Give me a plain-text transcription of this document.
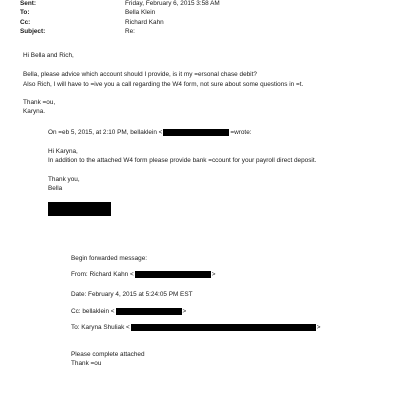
Sent:	Friday, February 6, 2015 3:58 AM
To:	Bella Klein
Cc:	Richard Kahn
Subject:	Re:
Hi Bella and Rich,
Bella, please advice which account should I provide, is it my =ersonal chase debit?
Also Rich, I will have to =ive you a call regarding the W4 form, not sure about some questions in =t.
Thank =ou,
Karyna.
On =eb 5, 2015, at 2:10 PM, bellaklein <	=wrote:
Hi Karyna,
In addition to the attached W4 form please provide bank =ccount for your payroll direct deposit.
Thank you,
Bella
Begin forwarded message:
From: Richard Kahn <	>
Date: February 4, 2015 at 5:24:05 PM EST
Cc: bellaklein <	>
To: Karyna Shuliak <	>
Please complete attached
Thank =ou
